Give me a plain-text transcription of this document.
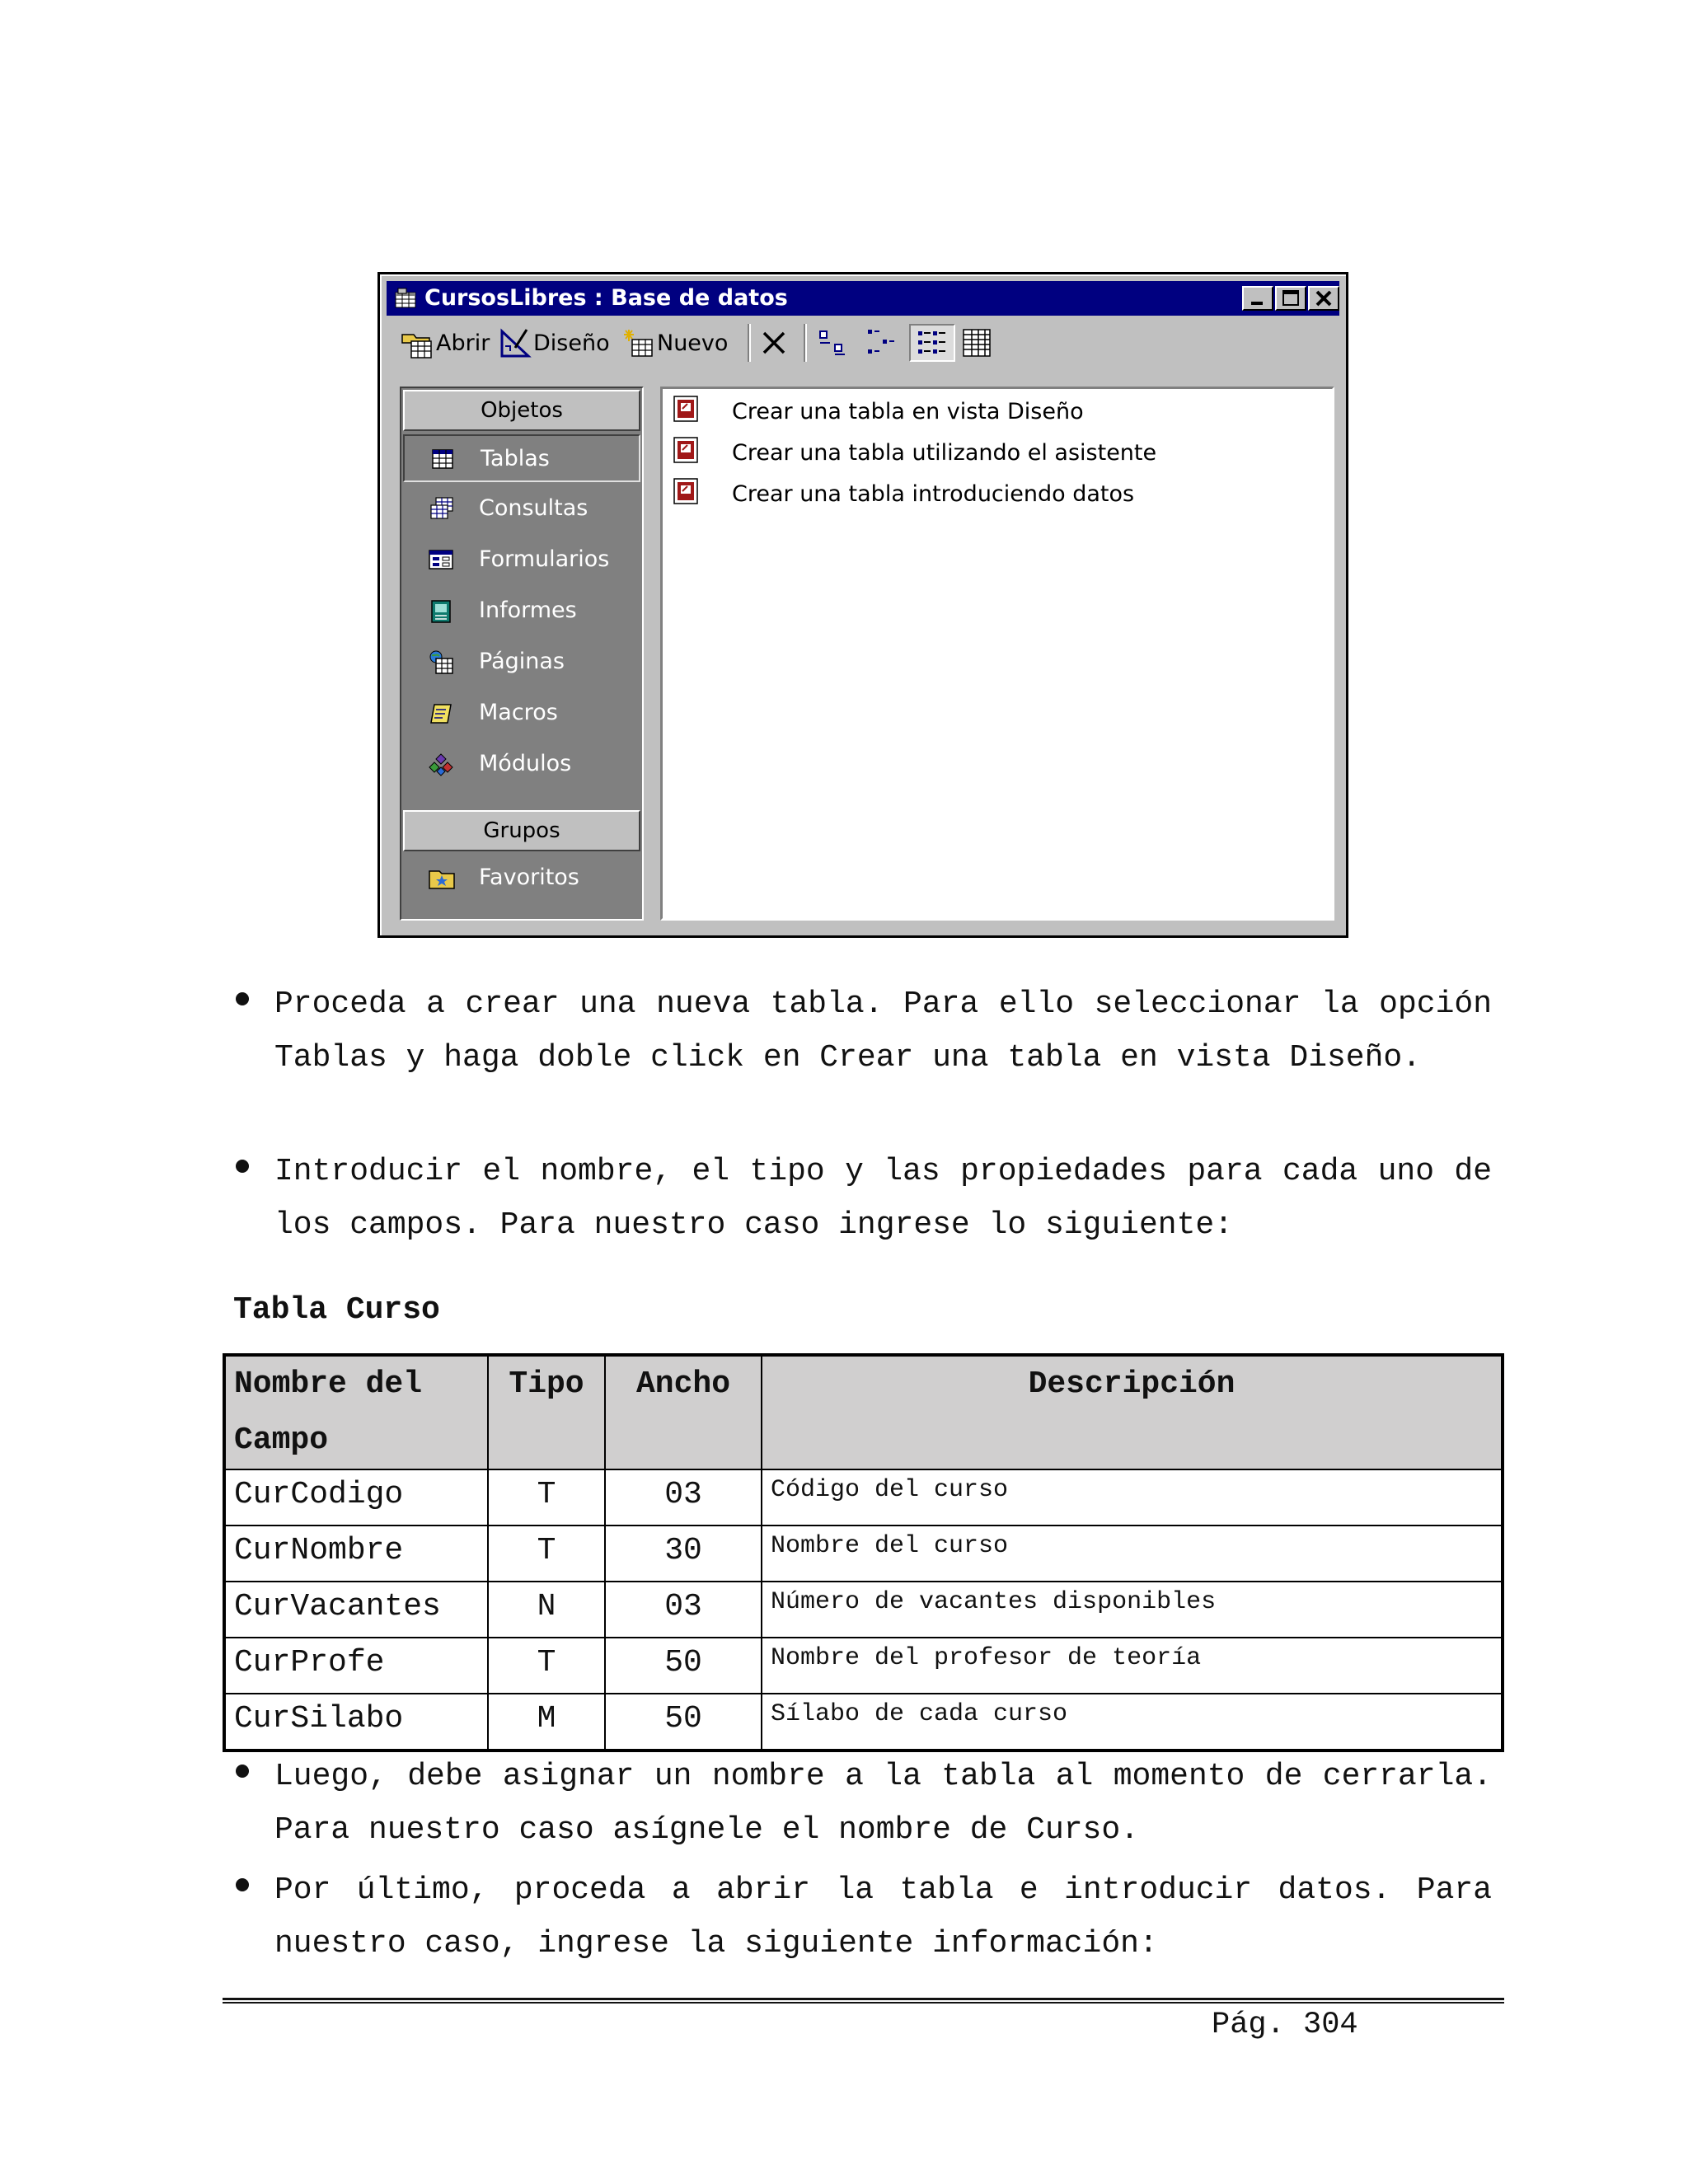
CursosLibres : Base de datos
Abrir Diseño Nuevo
Objetos
Tablas
Consultas
Formularios
Informes
Páginas
Macros
Módulos
Grupos
Favoritos
Crear una tabla en vista Diseño
Crear una tabla utilizando el asistente
Crear una tabla introduciendo datos
Proceda a crear una nueva tabla. Para ello seleccionar la opción Tablas y haga doble click en Crear una tabla en vista Diseño.
Introducir el nombre, el tipo y las propiedades para cada uno de los campos. Para nuestro caso ingrese lo siguiente:
Tabla Curso
Nombre del Campo	Tipo	Ancho	Descripción
CurCodigo	T	03	Código del curso
CurNombre	T	30	Nombre del curso
CurVacantes	N	03	Número de vacantes disponibles
CurProfe	T	50	Nombre del profesor de teoría
CurSilabo	M	50	Sílabo de cada curso
Luego, debe asignar un nombre a la tabla al momento de cerrarla. Para nuestro caso asígnele el nombre de Curso.
Por último, proceda a abrir la tabla e introducir datos. Para nuestro caso, ingrese la siguiente información:
Pág. 304
